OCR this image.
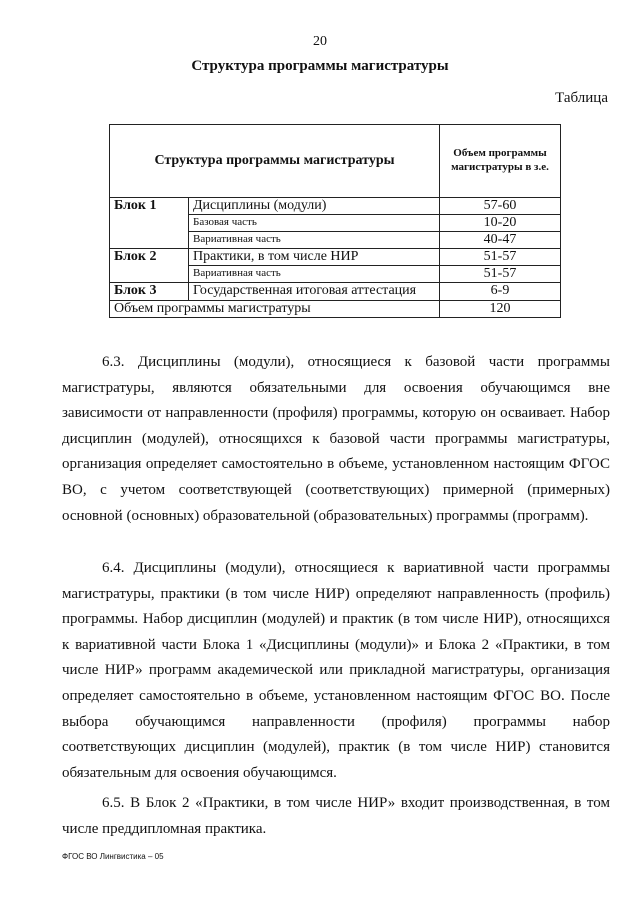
20
Структура программы магистратуры
Таблица
Структура программы магистратуры		Объем программы магистратуры в з.е.
Блок 1	Дисциплины (модули)	57-60
	Базовая часть	10-20
	Вариативная часть	40-47
Блок 2	Практики, в том числе НИР	51-57
	Вариативная часть	51-57
Блок 3	Государственная итоговая аттестация	6-9
Объем программы магистратуры		120

6.3. Дисциплины (модули), относящиеся к базовой части программы магистратуры, являются обязательными для освоения обучающимся вне зависимости от направленности (профиля) программы, которую он осваивает. Набор дисциплин (модулей), относящихся к базовой части программы магистратуры, организация определяет самостоятельно в объеме, установленном настоящим ФГОС ВО, с учетом соответствующей (соответствующих) примерной (примерных) основной (основных) образовательной (образовательных) программы (программ).

6.4. Дисциплины (модули), относящиеся к вариативной части программы магистратуры, практики (в том числе НИР) определяют направленность (профиль) программы. Набор дисциплин (модулей) и практик (в том числе НИР), относящихся к вариативной части Блока 1 «Дисциплины (модули)» и Блока 2 «Практики, в том числе НИР» программ академической или прикладной магистратуры, организация определяет самостоятельно в объеме, установленном настоящим ФГОС ВО. После выбора обучающимся направленности (профиля) программы набор соответствующих дисциплин (модулей), практик (в том числе НИР) становится обязательным для освоения обучающимся.

6.5. В Блок 2 «Практики, в том числе НИР» входит производственная, в том числе преддипломная практика.

ФГОС ВО Лингвистика – 05
